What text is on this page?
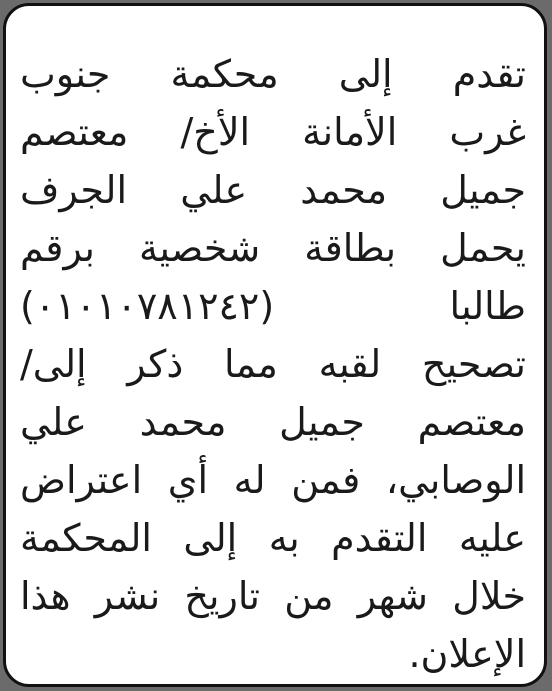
تقدم إلى محكمة جنوب
غرب الأمانة الأخ/ معتصم
جميل محمد علي الجرف
يحمل بطاقة شخصية برقم
طالبا
(٠١٠١٠٧٨١٢٤٢)
تصحيح لقبه مما ذكر إلى/
معتصم جميل محمد علي
الوصابي، فمن له أي اعتراض
عليه التقدم به إلى المحكمة
خلال شهر من تاريخ نشر هذا
الإعلان.
